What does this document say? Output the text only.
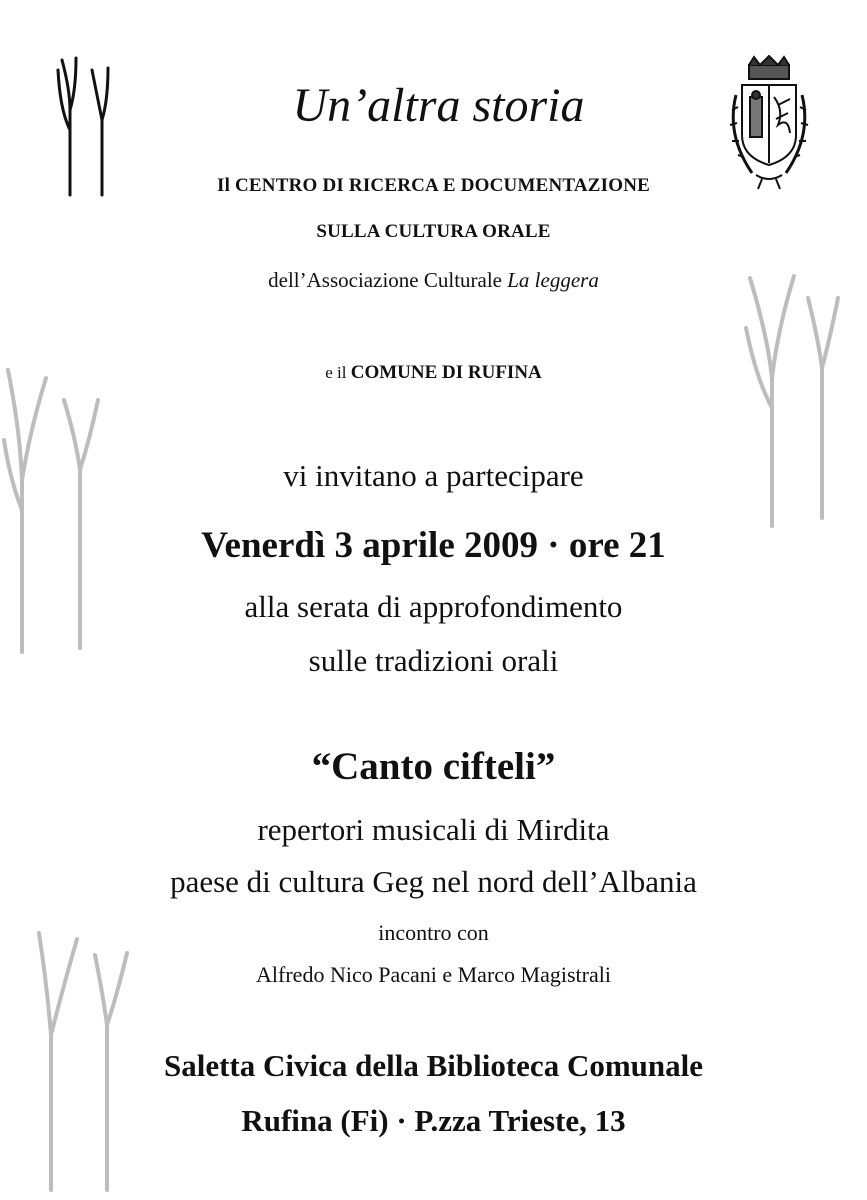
Un’altra storia
Il CENTRO DI RICERCA E DOCUMENTAZIONE
SULLA CULTURA ORALE
dell’Associazione Culturale La leggera
e il COMUNE DI RUFINA
vi invitano a partecipare
Venerdì 3 aprile 2009 · ore 21
alla serata di approfondimento
sulle tradizioni orali
“Canto cifteli”
repertori musicali di Mirdita
paese di cultura Geg nel nord dell’Albania
incontro con
Alfredo Nico Pacani e Marco Magistrali
Saletta Civica della Biblioteca Comunale
Rufina (Fi) · P.zza Trieste, 13
